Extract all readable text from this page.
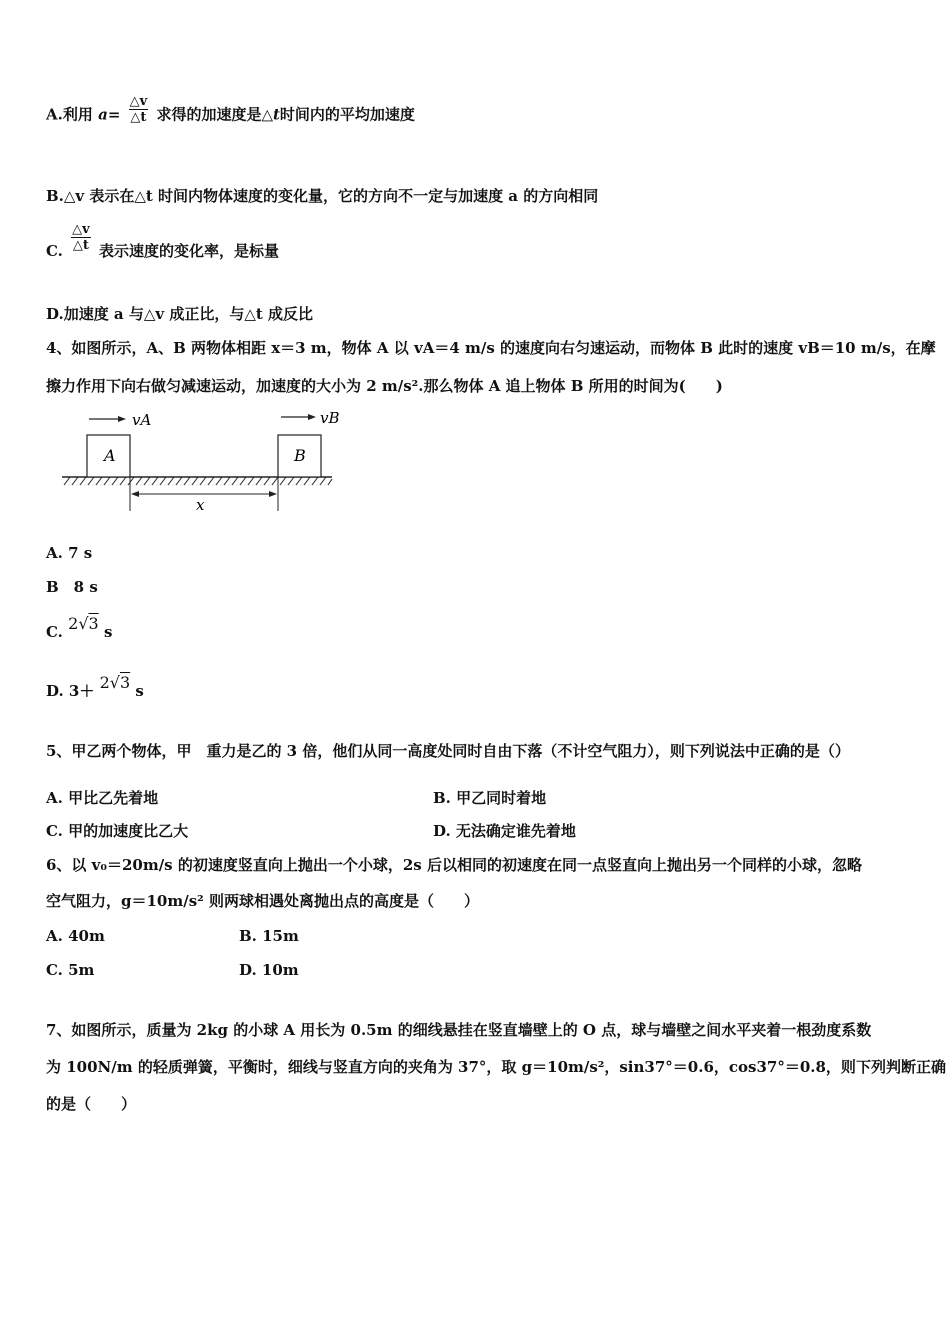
A.利用 $a= \frac{\triangle v}{\triangle t}$ 求得的加速度是△t时间内的平均加速度
B.△v 表示在△t 时间内物体速度的变化量，它的方向不一定与加速度 a 的方向相同
C. $\frac{\triangle v}{\triangle t}$ 表示速度的变化率，是标量
D.加速度 a 与△v 成正比，与△t 成反比
4、如图所示，A、B 两物体相距 x＝3 m，物体 A 以 vA＝4 m/s 的速度向右匀速运动，而物体 B 此时的速度 vB＝10 m/s，在摩
擦力作用下向右做匀减速运动，加速度的大小为 2 m/s².那么物体 A 追上物体 B 所用的时间为(　　)
A	B
vA	vB
x
A. 7 s
B　8 s
C. 2√3 s
D. 3＋ 2√3 s
5、甲乙两个物体，甲　重力是乙的 3 倍，他们从同一高度处同时自由下落（不计空气阻力），则下列说法中正确的是（）
A. 甲比乙先着地	B. 甲乙同时着地
C. 甲的加速度比乙大	D. 无法确定谁先着地
6、以 v₀＝20m/s 的初速度竖直向上抛出一个小球，2s 后以相同的初速度在同一点竖直向上抛出另一个同样的小球，忽略
空气阻力，g＝10m/s² 则两球相遇处离抛出点的高度是（　　）
A. 40m	B. 15m
C. 5m	D. 10m
7、如图所示，质量为 2kg 的小球 A 用长为 0.5m 的细线悬挂在竖直墙壁上的 O 点，球与墙壁之间水平夹着一根劲度系数
为 100N/m 的轻质弹簧，平衡时，细线与竖直方向的夹角为 37°，取 g＝10m/s²，sin37°＝0.6，cos37°＝0.8，则下列判断正确
的是（　　）
